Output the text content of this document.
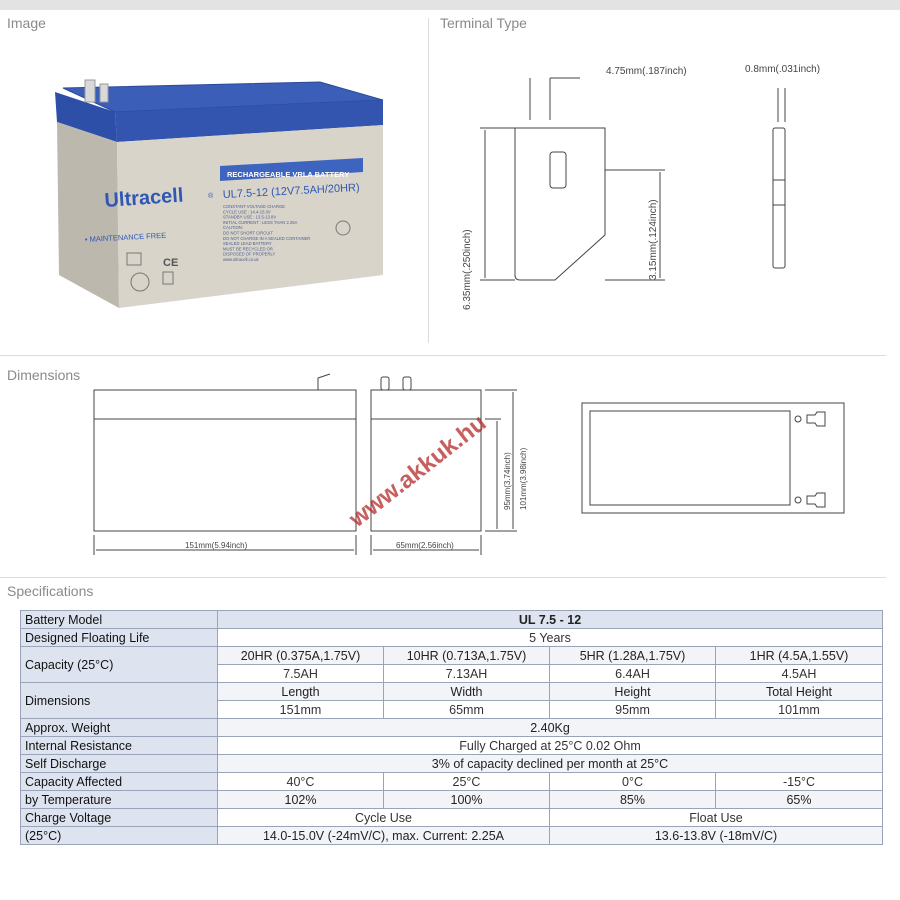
Image	Terminal Type
Dimensions
Specifications
RECHARGEABLE VRLA BATTERY
Ultracell	® UL7.5-12 (12V7.5AH/20HR)
• MAINTENANCE FREE
CE
CONSTANT VOLTAGE CHARGE
CYCLE USE : 14.4-15.0V
STANDBY USE : 13.5-13.8V
INITIAL CURRENT : LESS THAN 2.25A
CAUTION:
DO NOT SHORT CIRCUIT
DO NOT CHARGE IN A SEALED CONTAINER
SEALED LEAD BATTERY
MUST BE RECYCLED OR
DISPOSED OF PROPERLY
www.ultracell.co.uk
4.75mm(.187inch)	0.8mm(.031inch)
6.35mm(.250inch)	3.15mm(.124inch)
151mm(5.94inch)	65mm(2.56inch)
95mm(3.74inch) 101mm(3.98inch)
www.akkuk.hu
Battery Model	UL 7.5 - 12			
Designed Floating Life	5 Years			
Capacity (25°C)	20HR (0.375A,1.75V)	10HR (0.713A,1.75V)	5HR (1.28A,1.75V)	1HR (4.5A,1.55V)
	7.5AH	7.13AH	6.4AH	4.5AH
Dimensions	Length	Width	Height	Total Height
	151mm	65mm	95mm	101mm
Approx. Weight	2.40Kg			
Internal Resistance	Fully Charged at 25°C 0.02 Ohm			
Self Discharge	3% of capacity declined per month at 25°C			
Capacity Affected	40°C	25°C	0°C	-15°C
by Temperature	102%	100%	85%	65%
Charge Voltage	Cycle Use		Float Use	
(25°C)	14.0-15.0V (-24mV/C), max. Current: 2.25A		13.6-13.8V (-18mV/C)	
